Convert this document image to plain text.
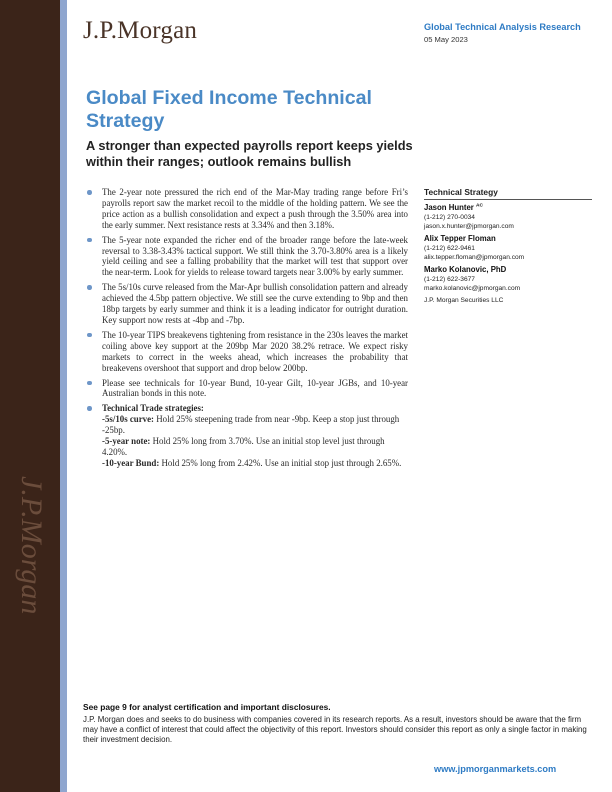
J.P.Morgan
J.P.Morgan	Global Technical Analysis Research
05 May 2023
Global Fixed Income Technical Strategy
A stronger than expected payrolls report keeps yields within their ranges; outlook remains bullish
The 2-year note pressured the rich end of the Mar-May trading range before Fri’s payrolls report saw the market recoil to the middle of the holding pattern. We see the price action as a bullish consolidation and expect a push through the 3.50% area into the early summer. Next resistance rests at 3.34% and then 3.18%.
The 5-year note expanded the richer end of the broader range before the late-week reversal to 3.38-3.43% tactical support. We still think the 3.70-3.80% area is a likely yield ceiling and see a falling probability that the market will test that support over the near-term. Look for yields to release toward targets near 3.00% by early summer.
The 5s/10s curve released from the Mar-Apr bullish consolidation pattern and already achieved the 4.5bp pattern objective. We still see the curve extending to 9bp and then 18bp targets by early summer and think it is a leading indicator for outright duration. Key support now rests at -4bp and -7bp.
The 10-year TIPS breakevens tightening from resistance in the 230s leaves the market coiling above key support at the 209bp Mar 2020 38.2% retrace. We expect risky markets to correct in the weeks ahead, which increases the probability that breakevens overshoot that support and drop below 200bp.
Please see technicals for 10-year Bund, 10-year Gilt, 10-year JGBs, and 10-year Australian bonds in this note.
Technical Trade strategies:
-5s/10s curve: Hold 25% steepening trade from near -9bp. Keep a stop just through -25bp.
-5-year note: Hold 25% long from 3.70%. Use an initial stop level just through 4.20%.
-10-year Bund: Hold 25% long from 2.42%. Use an initial stop just through 2.65%.
Technical Strategy
Jason Hunter $^{AC}$
(1-212) 270-0034
jason.x.hunter@jpmorgan.com
Alix Tepper Floman
(1-212) 622-9461
alix.tepper.floman@jpmorgan.com
Marko Kolanovic, PhD
(1-212) 622-3677
marko.kolanovic@jpmorgan.com
J.P. Morgan Securities LLC
See page 9 for analyst certification and important disclosures.
J.P. Morgan does and seeks to do business with companies covered in its research reports. As a result, investors should be aware that the firm may have a conflict of interest that could affect the objectivity of this report. Investors should consider this report as only a single factor in making their investment decision.
www.jpmorganmarkets.com
